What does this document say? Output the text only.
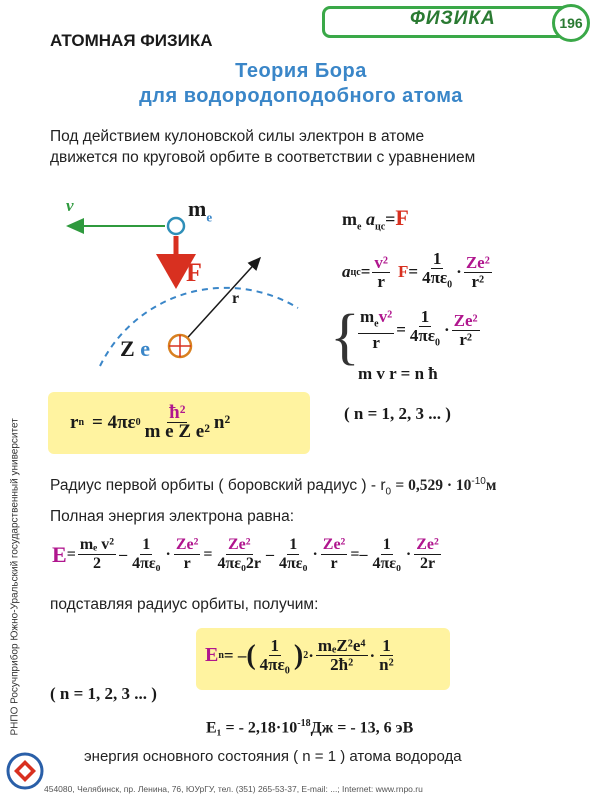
ФИЗИКА	196
АТОМНАЯ ФИЗИКА
Теория Бора
для водородоподобного атома
Под действием кулоновской силы электрон в атоме
движется по круговой орбите в соответствии с уравнением
v	$m_e$
F
r
Z e
$m_e$ $a_{цс}=F$
a цс = $\frac{\text{v²}}{r}$ $F = \frac{1}{4\pi\varepsilon_0} \cdot \frac{\text{Ze²}}{\text{r²}}$
{
$\frac{m_ev^2}{r} = \frac{1}{4\pi\varepsilon_0} \cdot \frac{\text{Ze²}}{\text{r²}}$
m v r = n ħ
r n = 4πε $0 \frac{\text{ħ²}}{\text{m e Z e²}} n^2$	( n = 1, 2, 3 ... )
Радиус первой орбиты ( боровский радиус ) - $r_0 = 0,529 \cdot 10^{-10}м$
Полная энергия электрона равна:
$E = \frac{\text{mₑ v²}}{2} - \frac{1}{\text{4πε₀}} \cdot \frac{\text{Ze²}}{r} = \frac{\text{Ze²}}{\text{4πε₀2r}} - \frac{1}{\text{4πε₀}} \cdot \frac{\text{Ze²}}{r} =- \frac{1}{\text{4πε₀}} \cdot \frac{\text{Ze²}}{2r}$
подставляя радиус орбиты, получим:
E n = – ( $\frac{1}{\text{4πε₀}}$ ) $2 \cdot \frac{\text{mₑZ²e⁴}}{\text{2ħ²}} \cdot \frac{1}{\text{n²}}$
( n = 1, 2, 3 ... )
E₁ = - $2,18\cdot 10^{-18}Дж$ = - 13, 6 эВ
энергия основного состояния ( n = 1 ) атома водорода
РНПО Росучприбор Южно-Уральский государственный университет
454080, Челябинск, пр. Ленина, 76, ЮУрГУ, тел. (351) 265-53-37, E-mail: ...; Internet: www.rnpo.ru
